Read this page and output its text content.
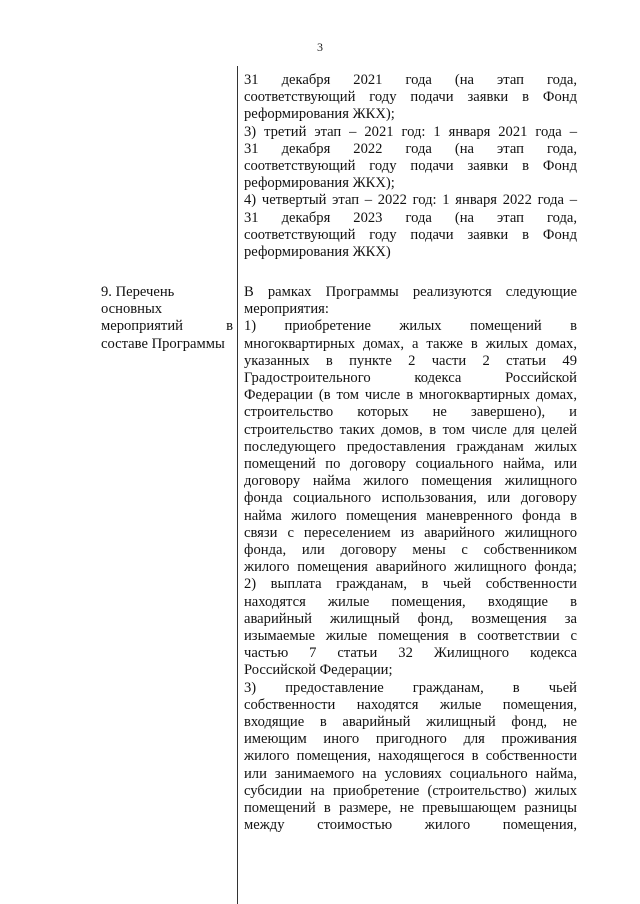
3
9. Перечень
основных
мероприятий в
составе Программы
31 декабря 2021 года (на этап года,
соответствующий году подачи заявки в Фонд
реформирования ЖКХ);
3) третий этап – 2021 год: 1 января 2021 года –
31 декабря 2022 года (на этап года,
соответствующий году подачи заявки в Фонд
реформирования ЖКХ);
4) четвертый этап – 2022 год: 1 января 2022 года –
31 декабря 2023 года (на этап года,
соответствующий году подачи заявки в Фонд
реформирования ЖКХ)
В рамках Программы реализуются следующие
мероприятия:
1) приобретение жилых помещений в
многоквартирных домах, а также в жилых домах,
указанных в пункте 2 части 2 статьи 49
Градостроительного кодекса Российской
Федерации (в том числе в многоквартирных домах,
строительство которых не завершено), и
строительство таких домов, в том числе для целей
последующего предоставления гражданам жилых
помещений по договору социального найма, или
договору найма жилого помещения жилищного
фонда социального использования, или договору
найма жилого помещения маневренного фонда в
связи с переселением из аварийного жилищного
фонда, или договору мены с собственником
жилого помещения аварийного жилищного фонда;
2) выплата гражданам, в чьей собственности
находятся жилые помещения, входящие в
аварийный жилищный фонд, возмещения за
изымаемые жилые помещения в соответствии с
частью 7 статьи 32 Жилищного кодекса
Российской Федерации;
3) предоставление гражданам, в чьей
собственности находятся жилые помещения,
входящие в аварийный жилищный фонд, не
имеющим иного пригодного для проживания
жилого помещения, находящегося в собственности
или занимаемого на условиях социального найма,
субсидии на приобретение (строительство) жилых
помещений в размере, не превышающем разницы
между стоимостью жилого помещения,
